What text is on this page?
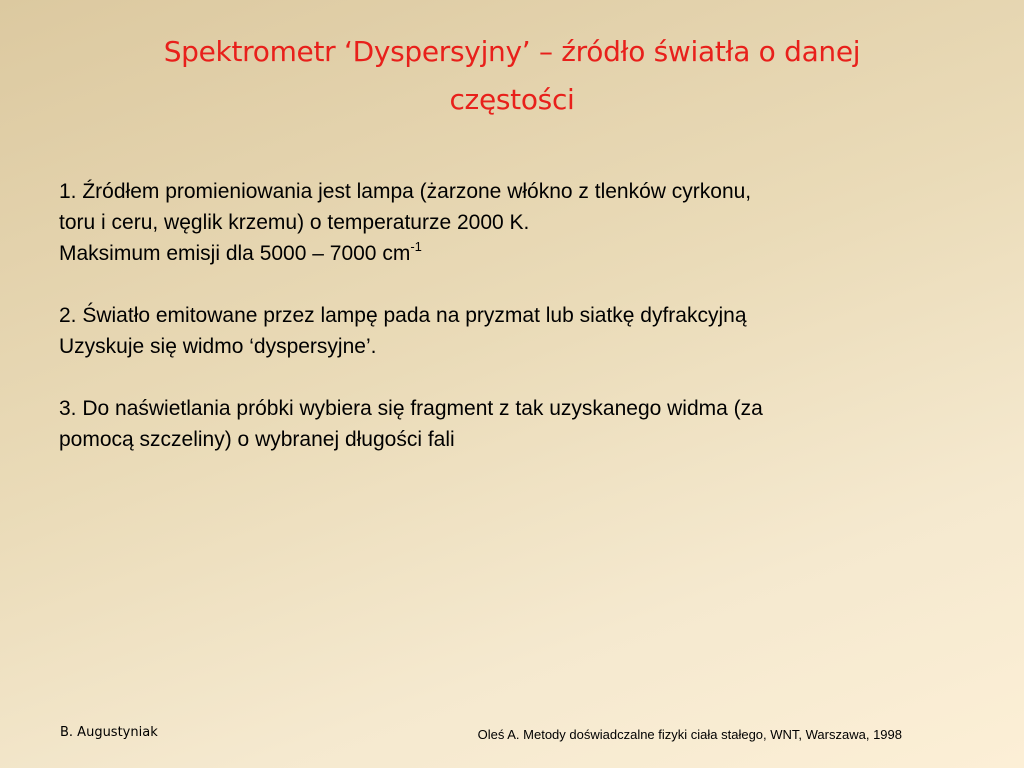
Spektrometr ‘Dyspersyjny’ – źródło światła o danej
częstości
1. Źródłem promieniowania jest lampa (żarzone włókno z tlenków cyrkonu,
toru i ceru, węglik krzemu) o temperaturze 2000 K.
Maksimum emisji dla 5000 – 7000 $cm^{-1}$
2. Światło emitowane przez lampę pada na pryzmat lub siatkę dyfrakcyjną
Uzyskuje się widmo ‘dyspersyjne’.
3. Do naświetlania próbki wybiera się fragment z tak uzyskanego widma (za
pomocą szczeliny) o wybranej długości fali
B. Augustyniak	Oleś A. Metody doświadczalne fizyki ciała stałego, WNT, Warszawa, 1998
